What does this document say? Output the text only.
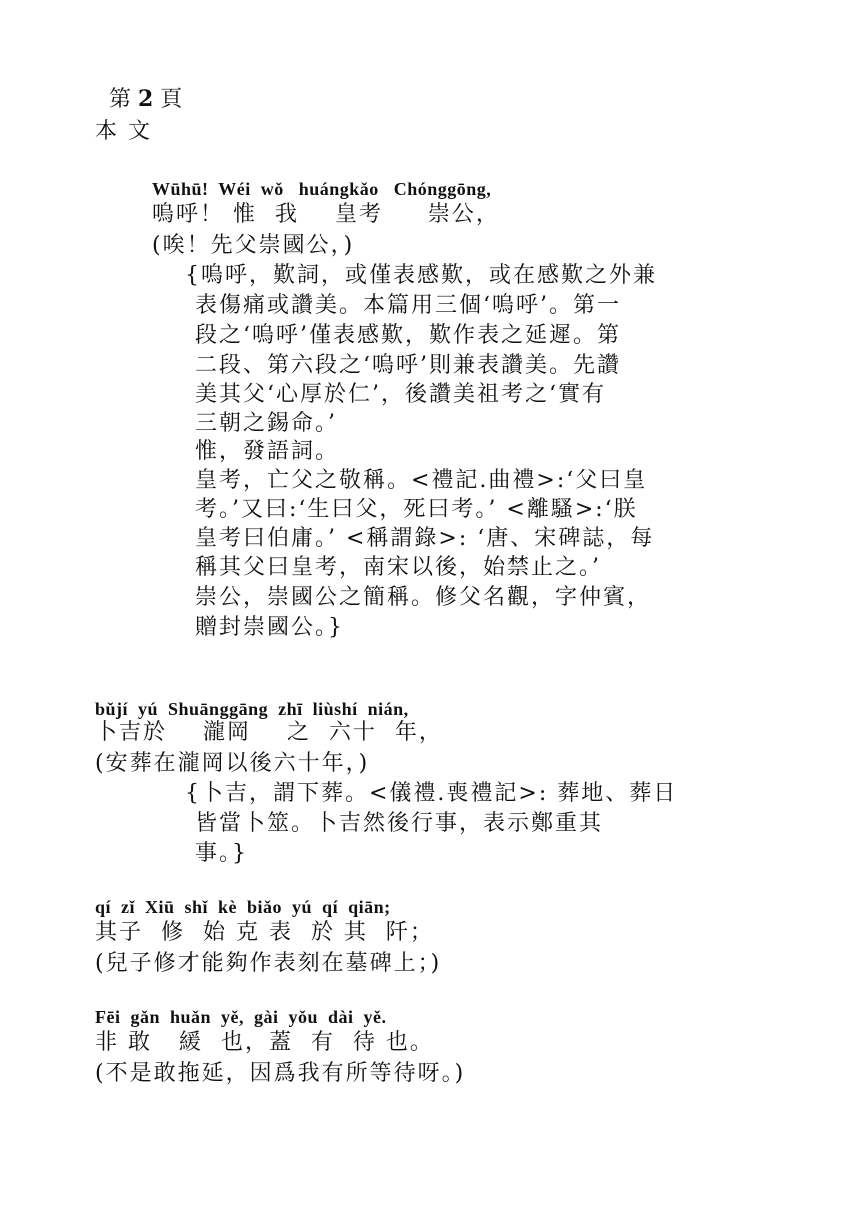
第 2 頁

本 文
Wūhū!  Wéi  wǒ   huángkǎo   Chónggōng,
嗚呼！ 惟  我    皇考     崇公，
(唉！先父崇國公，)
{嗚呼，歎詞，或僅表感歎，或在感歎之外兼
表傷痛或讚美。本篇用三個‘嗚呼’。第一
段之‘嗚呼’僅表感歎，歎作表之延遲。第
二段、第六段之‘嗚呼’則兼表讚美。先讚
美其父‘心厚於仁’，後讚美祖考之‘實有
三朝之錫命。’
惟，發語詞。
皇考，亡父之敬稱。<禮記.曲禮>:‘父曰皇
考。’又曰:‘生曰父，死曰考。’ <離騷>:‘朕
皇考曰伯庸。’ <稱謂錄>: ‘唐、宋碑誌，每
稱其父曰皇考，南宋以後，始禁止之。’
崇公，崇國公之簡稱。修父名觀，字仲賓，
贈封崇國公。}
bǔjí  yú  Shuānggāng  zhī  liùshí  nián,
卜吉於    瀧岡    之  六十  年，
(安葬在瀧岡以後六十年，)
{卜吉，謂下葬。<儀禮.喪禮記>: 葬地、葬日
皆當卜筮。卜吉然後行事，表示鄭重其
事。}
qí  zǐ  Xiū  shǐ  kè  biǎo  yú  qí  qiān;
其子  修  始 克 表  於 其  阡；
(兒子修才能夠作表刻在墓碑上；)
Fēi  gǎn  huǎn  yě,  gài  yǒu  dài  yě.
非 敢   緩  也，蓋  有  待 也。
(不是敢拖延，因爲我有所等待呀。)
